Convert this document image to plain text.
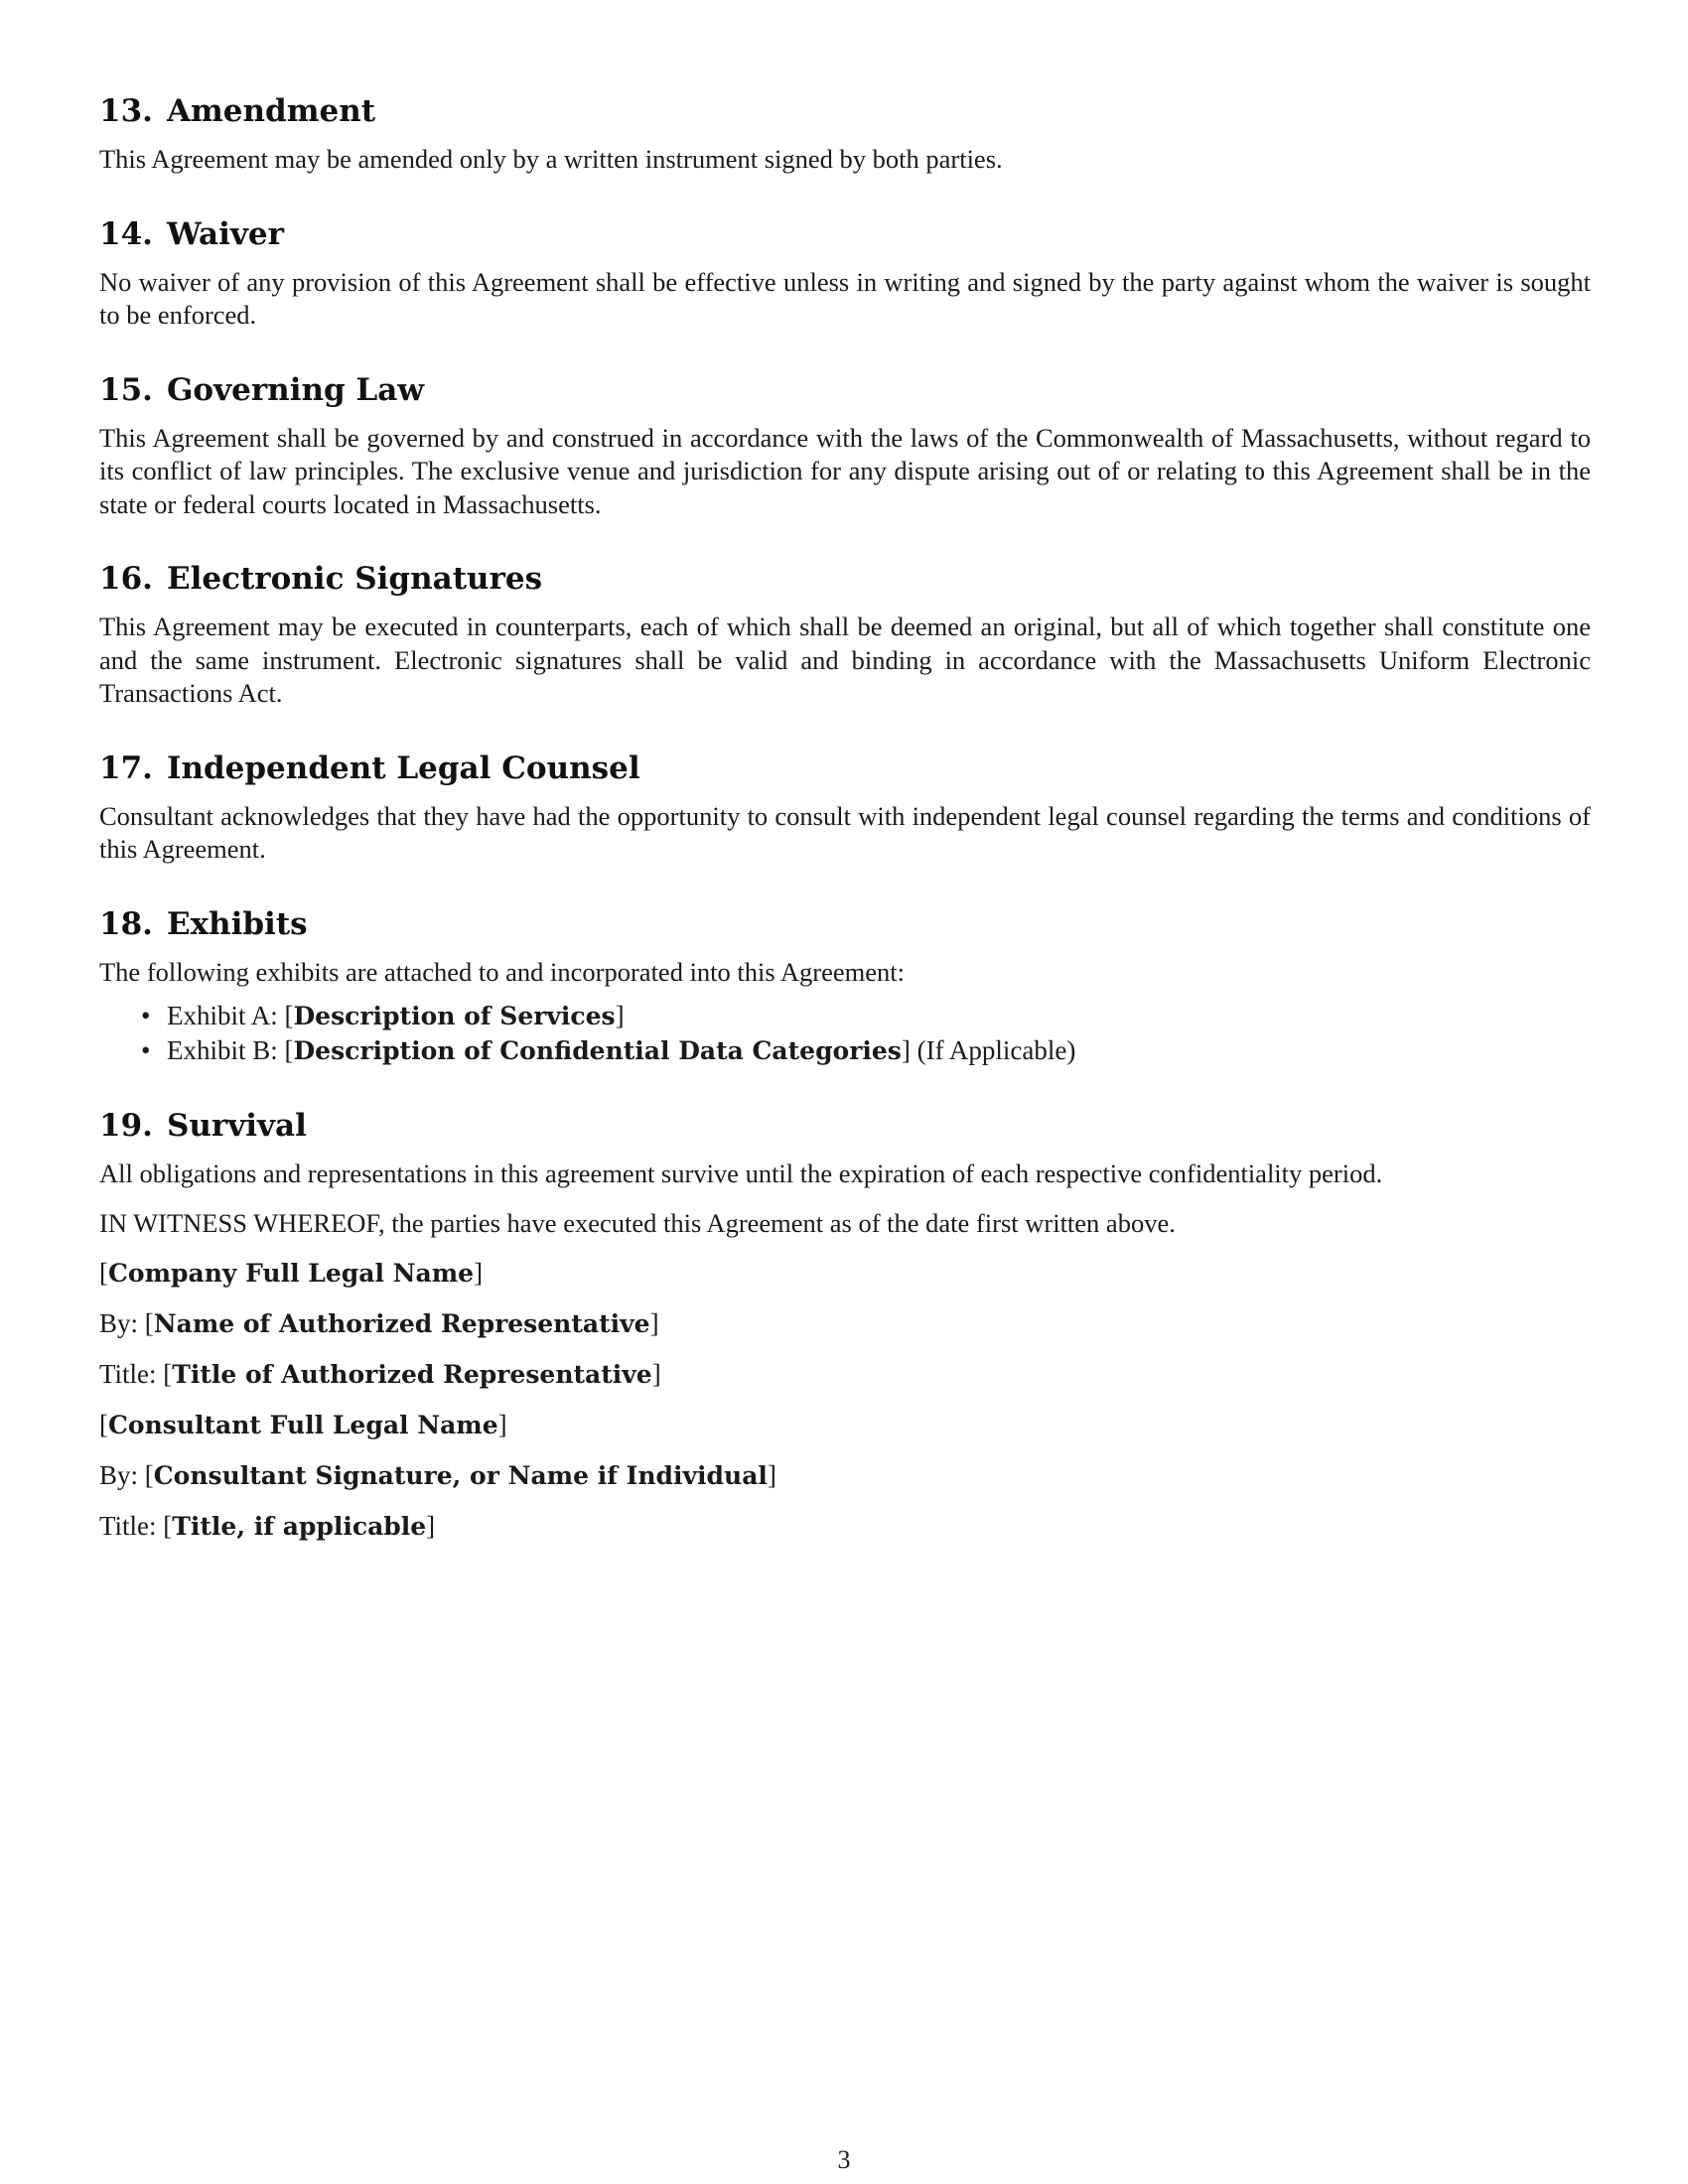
13. Amendment

This Agreement may be amended only by a written instrument signed by both parties.

14. Waiver

No waiver of any provision of this Agreement shall be effective unless in writing and signed by the party against whom the waiver is sought to be enforced.

15. Governing Law

This Agreement shall be governed by and construed in accordance with the laws of the Commonwealth of Massachusetts, without regard to its conflict of law principles. The exclusive venue and jurisdiction for any dispute arising out of or relating to this Agreement shall be in the state or federal courts located in Massachusetts.

16. Electronic Signatures

This Agreement may be executed in counterparts, each of which shall be deemed an original, but all of which together shall constitute one and the same instrument. Electronic signatures shall be valid and binding in accordance with the Massachusetts Uniform Electronic Transactions Act.

17. Independent Legal Counsel

Consultant acknowledges that they have had the opportunity to consult with independent legal counsel regarding the terms and conditions of this Agreement.

18. Exhibits

The following exhibits are attached to and incorporated into this Agreement:

• Exhibit A: [Description of Services]
• Exhibit B: [Description of Confidential Data Categories] (If Applicable)
19. Survival

All obligations and representations in this agreement survive until the expiration of each respective confidentiality period.

IN WITNESS WHEREOF, the parties have executed this Agreement as of the date first written above.

[Company Full Legal Name]

By: [Name of Authorized Representative]

Title: [Title of Authorized Representative]

[Consultant Full Legal Name]

By: [Consultant Signature, or Name if Individual]

Title: [Title, if applicable]

3
